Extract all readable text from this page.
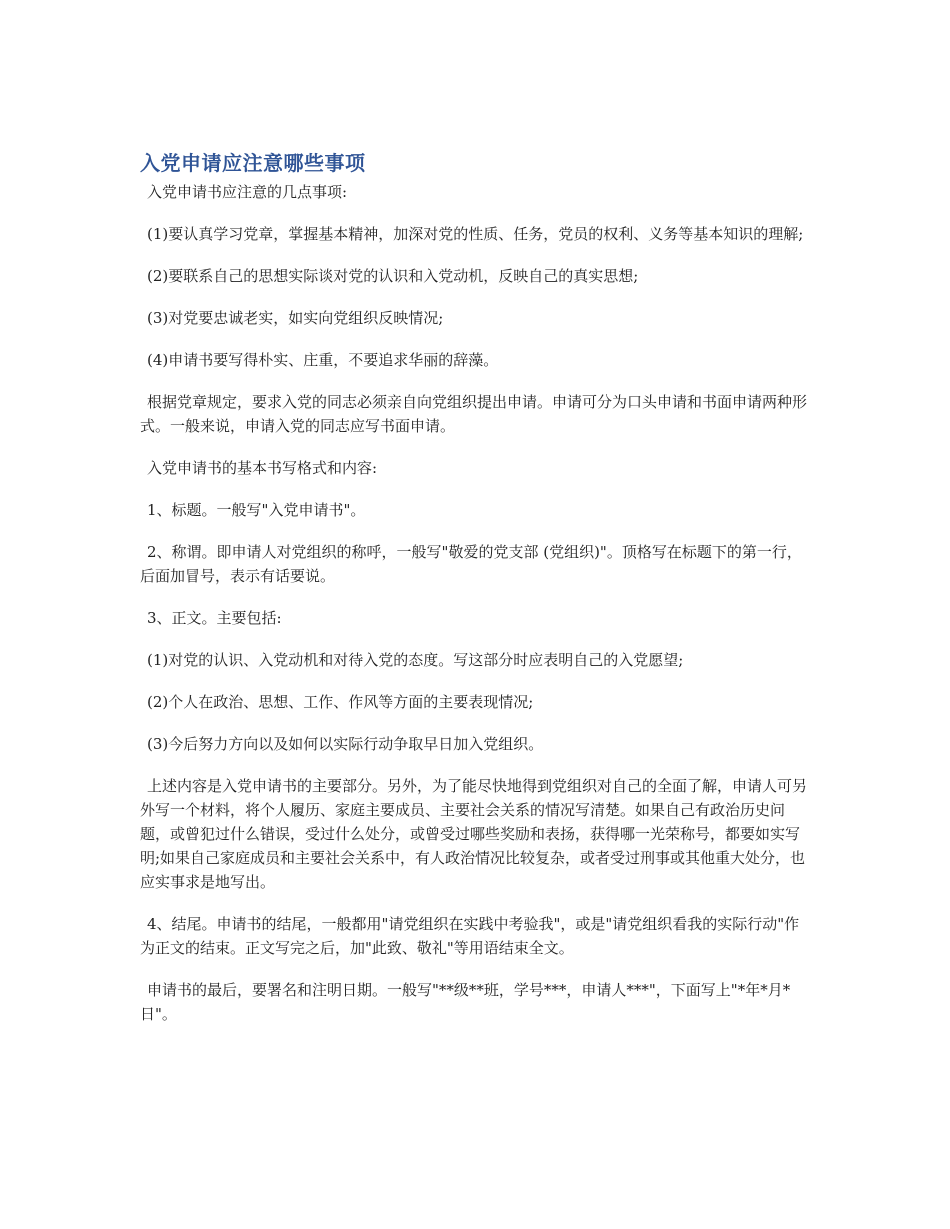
入党申请应注意哪些事项

入党申请书应注意的几点事项:

(1)要认真学习党章，掌握基本精神，加深对党的性质、任务，党员的权利、义务等基本知识的理解;

(2)要联系自己的思想实际谈对党的认识和入党动机，反映自己的真实思想;

(3)对党要忠诚老实，如实向党组织反映情况;

(4)申请书要写得朴实、庄重，不要追求华丽的辞藻。

根据党章规定，要求入党的同志必须亲自向党组织提出申请。申请可分为口头申请和书面申请两种形式。一般来说，申请入党的同志应写书面申请。

入党申请书的基本书写格式和内容:

1、标题。一般写"入党申请书"。

2、称谓。即申请人对党组织的称呼，一般写"敬爱的党支部 (党组织)"。顶格写在标题下的第一行，后面加冒号，表示有话要说。

3、正文。主要包括:

(1)对党的认识、入党动机和对待入党的态度。写这部分时应表明自己的入党愿望;

(2)个人在政治、思想、工作、作风等方面的主要表现情况;

(3)今后努力方向以及如何以实际行动争取早日加入党组织。

上述内容是入党申请书的主要部分。另外，为了能尽快地得到党组织对自己的全面了解，申请人可另外写一个材料，将个人履历、家庭主要成员、主要社会关系的情况写清楚。如果自己有政治历史问题，或曾犯过什么错误，受过什么处分，或曾受过哪些奖励和表扬，获得哪一光荣称号，都要如实写明;如果自己家庭成员和主要社会关系中，有人政治情况比较复杂，或者受过刑事或其他重大处分，也应实事求是地写出。

4、结尾。申请书的结尾，一般都用"请党组织在实践中考验我"，或是"请党组织看我的实际行动"作为正文的结束。正文写完之后，加"此致、敬礼"等用语结束全文。

申请书的最后，要署名和注明日期。一般写"**级**班，学号***，申请人***"，下面写上"*年*月*日"。
